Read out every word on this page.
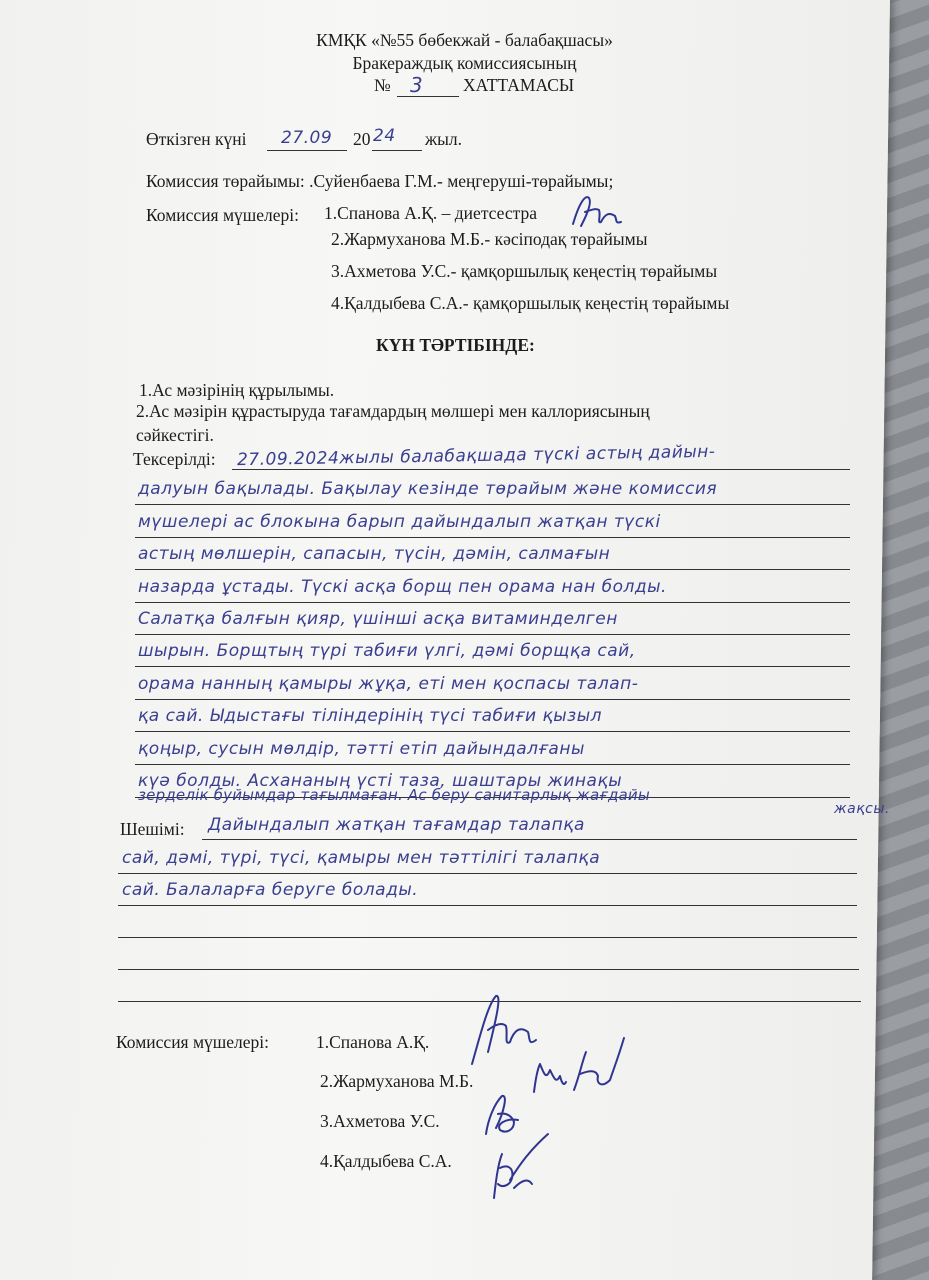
КМҚК «№55 бөбекжай - балабақшасы»
Бракераждық комиссиясының
№ 3 ХАТТАМАСЫ
Өткізген күні 27.09 20 24 жыл.
Комиссия төрайымы: .Суйенбаева Г.М.- меңгеруші-төрайымы;
Комиссия мүшелері: 1.Спанова А.Қ. – диетсестра
2.Жармуханова М.Б.- кәсіподақ төрайымы
3.Ахметова У.С.- қамқоршылық кеңестің төрайымы
4.Қалдыбева С.А.- қамқоршылық кеңестің төрайымы
КҮН ТӘРТІБІНДЕ:
1.Ас мәзірінің құрылымы.
2.Ас мәзірін құрастыруда тағамдардың мөлшері мен каллориясының
сәйкестігі.
Тексерілді: 27.09.2024жылы балабақшада түскі астың дайын-
далуын бақылады. Бақылау кезінде төрайым және комиссия
мүшелері ас блокына барып дайындалып жатқан түскі
астың мөлшерін, сапасын, түсін, дәмін, салмағын
назарда ұстады. Түскі асқа борщ пен орама нан болды.
Салатқа балғын қияр, үшінші асқа витаминделген
шырын. Борщтың түрі табиғи үлгі, дәмі борщқа сай,
орама нанның қамыры жұқа, еті мен қоспасы талап-
қа сай. Ыдыстағы тіліндерінің түсі табиғи қызыл
қоңыр, сусын мөлдір, тәтті етіп дайындалғаны
күә болды. Асхананың үсті таза, шаштары жинақы
зерделік буйымдар тағылмаған. Ас беру санитарлық жағдайы
жақсы.
Шешімі: Дайындалып жатқан тағамдар талапқа
сай, дәмі, түрі, түсі, қамыры мен тәттілігі талапқа
сай. Балаларға беруге болады.
Комиссия мүшелері:	1.Спанова А.Қ.
2.Жармуханова М.Б.
3.Ахметова У.С.
4.Қалдыбева С.А.
